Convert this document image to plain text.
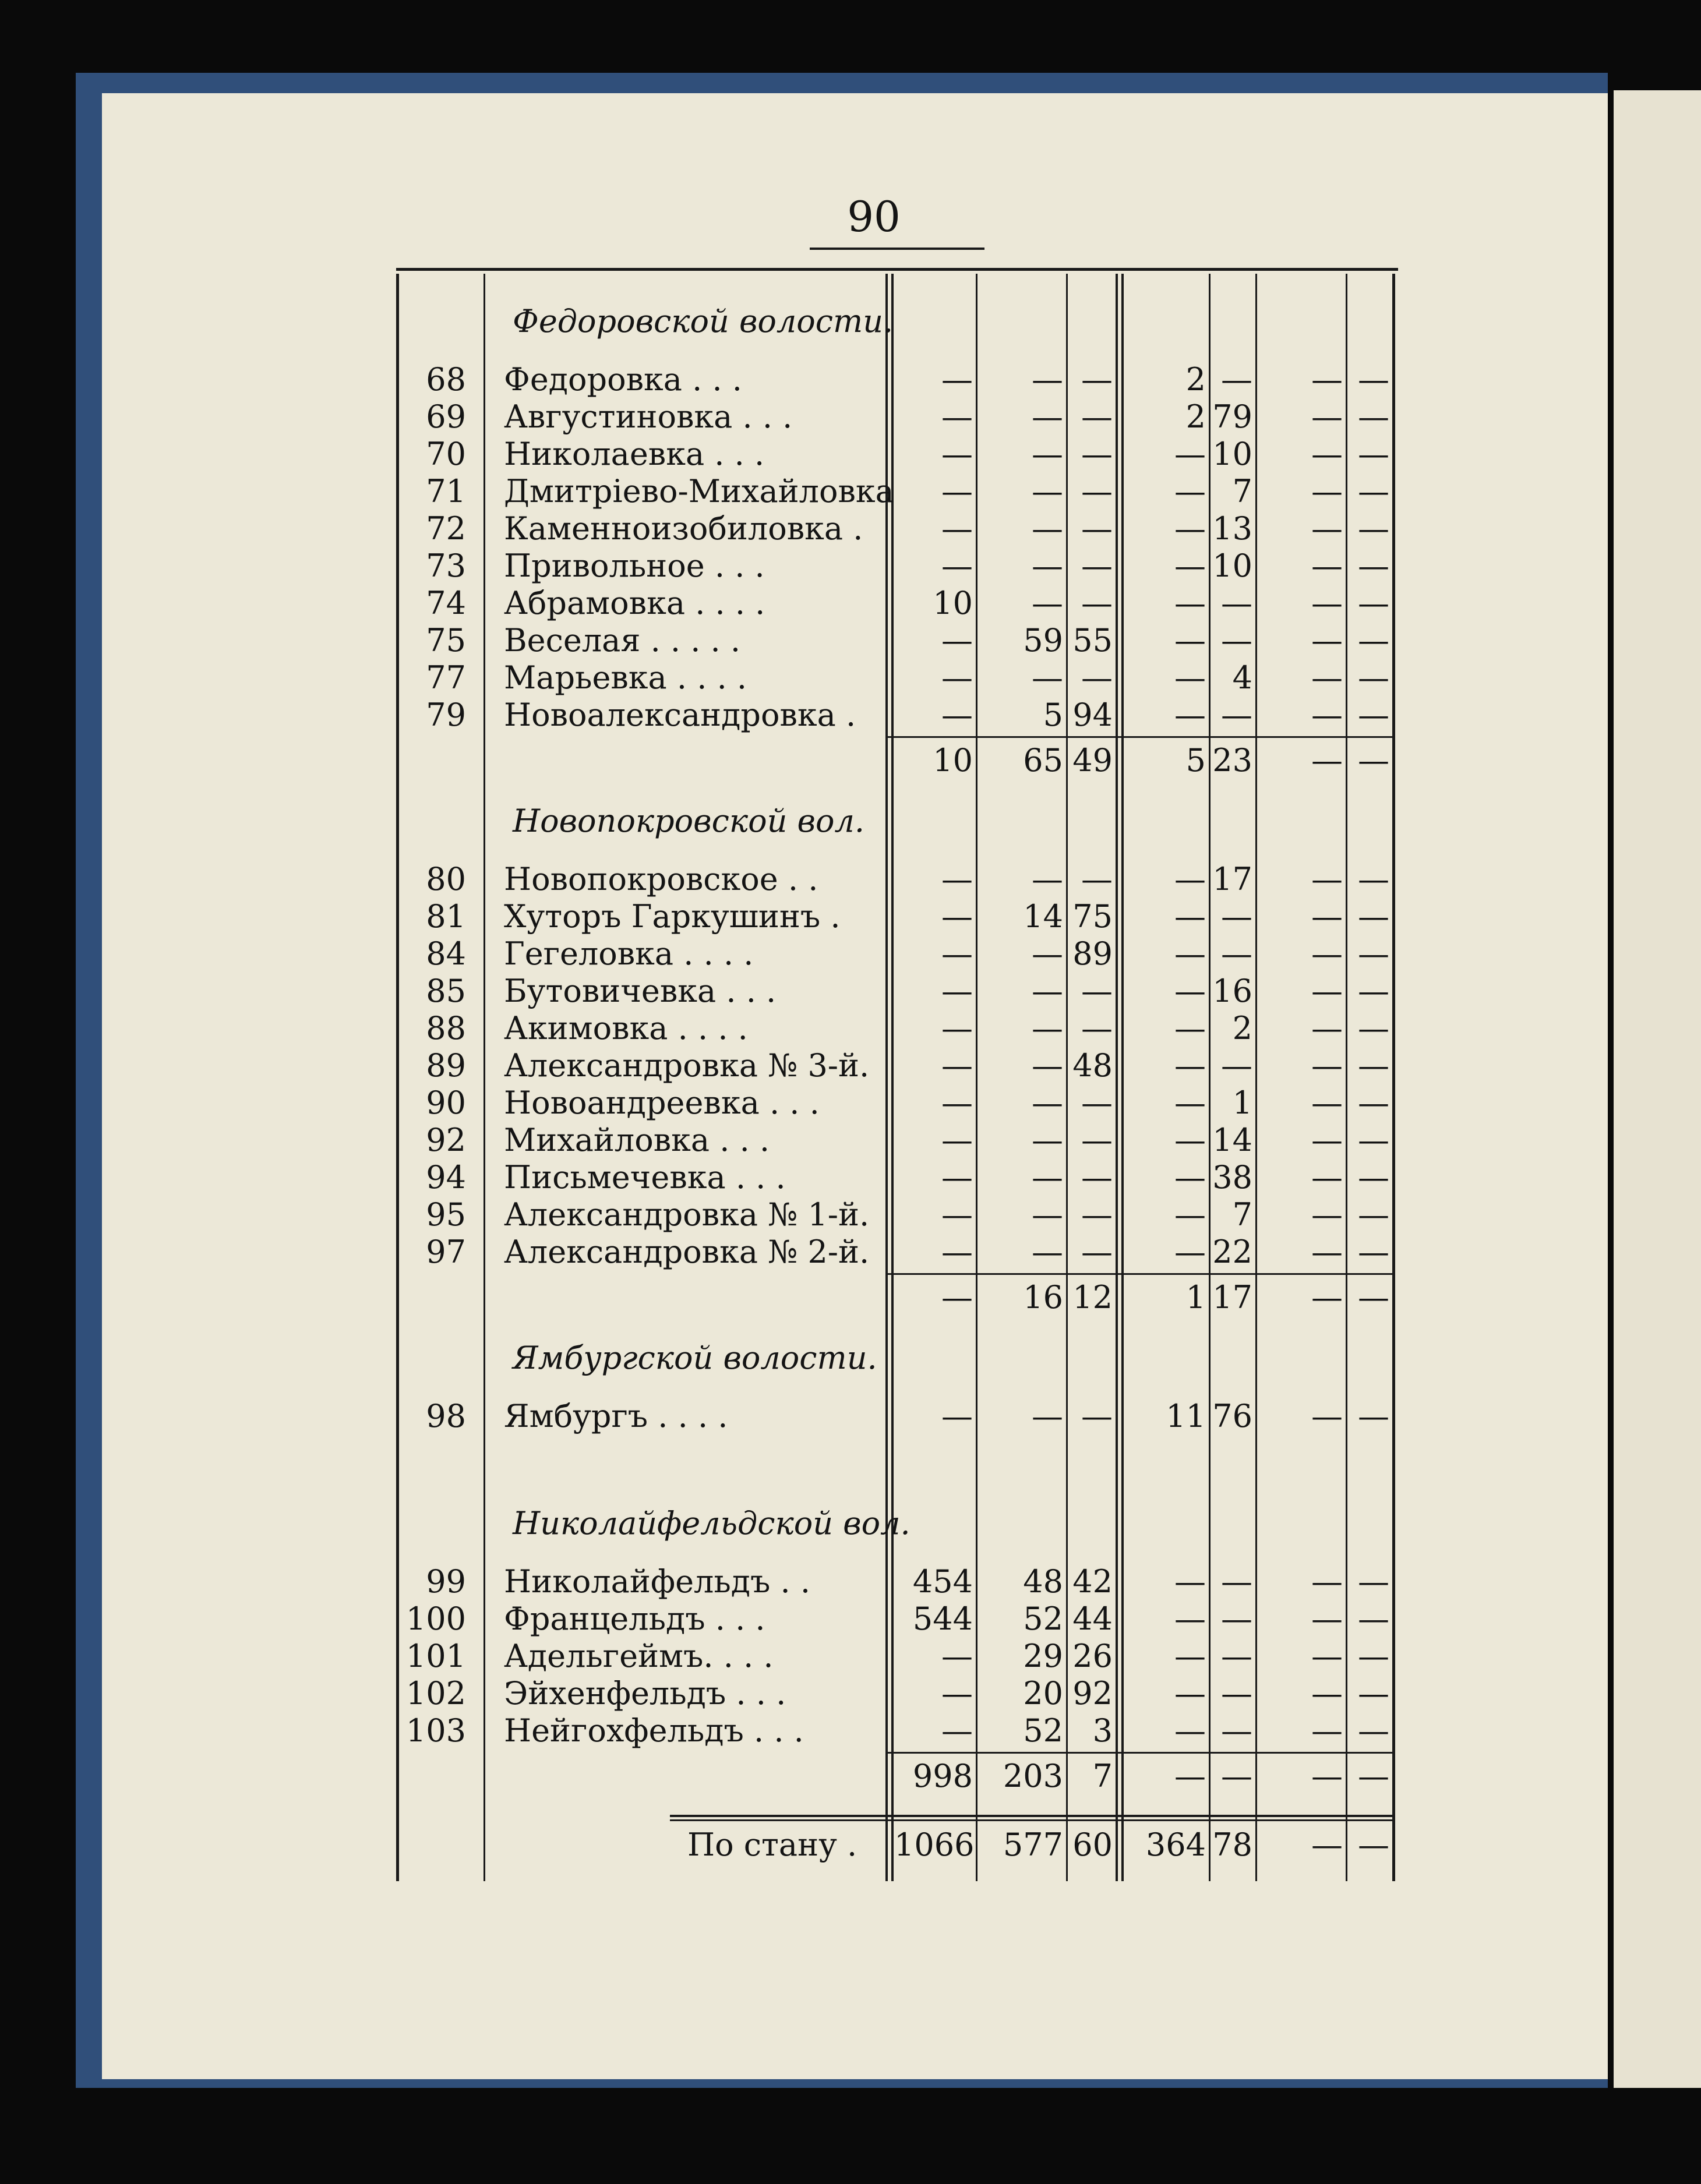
90
Федоровской волости.
68 Федоровка . . .	—	— —	2 —	— —
69 Августиновка . . .	—	— —	2 79	— —
70 Николаевка . . .	—	— —	— 10	— —
71 Дмитріево-Михайловка	—	— —	— 7	— —
72 Каменноизобиловка .	—	— —	— 13	— —
73 Привольное . . .	—	— —	— 10	— —
74 Абрамовка . . . .	10	— —	— —	— —
75 Веселая . . . . .	—	59 55	— —	— —
77 Марьевка . . . .	—	— —	— 4	— —
79 Новоалександровка .	—	5 94	— —	— —
10	65 49	5 23	— —
Новопокровской вол.
80 Новопокровское . .	—	— —	— 17	— —
81 Хуторъ Гаркушинъ .	—	14 75	— —	— —
84 Гегеловка . . . .	—	— 89	— —	— —
85 Бутовичевка . . .	—	— —	— 16	— —
88 Акимовка . . . .	—	— —	— 2	— —
89 Александровка № 3-й.	—	— 48	— —	— —
90 Новоандреевка . . .	—	— —	— 1	— —
92 Михайловка . . .	—	— —	— 14	— —
94 Письмечевка . . .	—	— —	— 38	— —
95 Александровка № 1-й.	—	— —	— 7	— —
97 Александровка № 2-й.	—	— —	— 22	— —
—	16 12	1 17	— —
Ямбургской волости.
98 Ямбургъ . . . .	—	— —	11 76	— —
Николайфельдской вол.
99 Николайфельдъ . .	454	48 42	— —	— —
100 Францельдъ . . .	544	52 44	— —	— —
101 Адельгеймъ. . . .	—	29 26	— —	— —
102 Эйхенфельдъ . . .	—	20 92	— —	— —
103 Нейгохфельдъ . . .	—	52 3	— —	— —
998 203 7	— —	— —
По стану . 1066 577 60	364 78	— —
